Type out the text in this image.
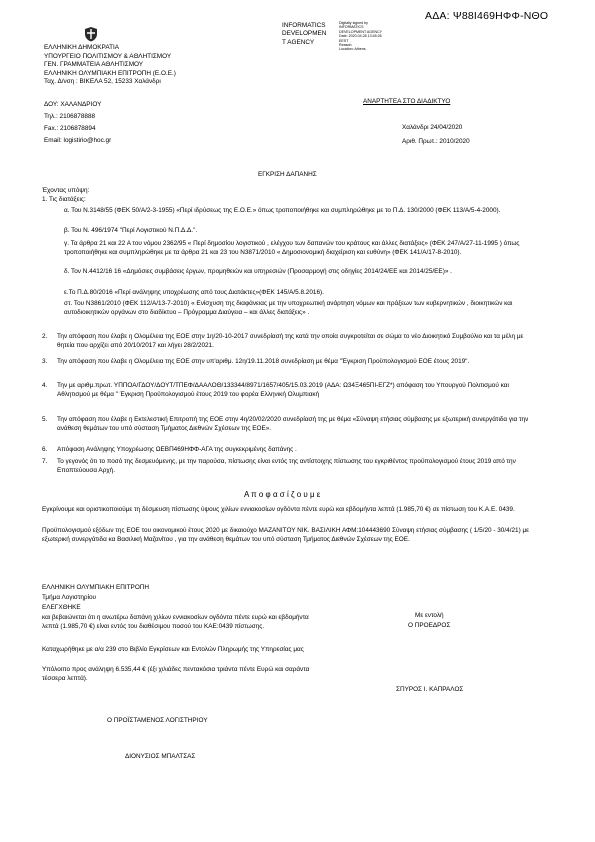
ΑΔΑ: Ψ88Ι469ΗΦΦ-ΝΘΟ
INFORMATICS
DEVELOPMEN
T AGENCY
Digitally signed by
INFORMATICS
DEVELOPMENT AGENCY
Date: 2020.04.28 13:45:26
EEST
Reason:
Location: Athens
ΕΛΛΗΝΙΚΗ ΔΗΜΟΚΡΑΤΙΑ
ΥΠΟΥΡΓΕΙΟ ΠΟΛΙΤΙΣΜΟΥ & ΑΘΛΗΤΙΣΜΟΥ
ΓΕΝ. ΓΡΑΜΜΑΤΕΙΑ ΑΘΛΗΤΙΣΜΟΥ
ΕΛΛΗΝΙΚΗ ΟΛΥΜΠΙΑΚΗ ΕΠΙΤΡΟΠΗ (Ε.Ο.Ε.)
Ταχ. Δ/νση : ΒΙΚΕΛΑ 52, 15233 Χαλάνδρι
ΔΟΥ: ΧΑΛΑΝΔΡΙΟΥ
Τηλ.: 2106878888
Fax.: 2106878894
Email: logistirio@hoc.gr
ΑΝΑΡΤΗΤΕΑ ΣΤΟ ΔΙΑΔΙΚΤΥΟ
Χαλάνδρι 24/04/2020
Αριθ. Πρωτ.: 2010/2020
ΕΓΚΡΙΣΗ ΔΑΠΑΝΗΣ
Έχοντας υπόψη:
1. Τις διατάξεις:
α. Του Ν.3148/55 (ΦΕΚ 50/Α/2-3-1955) «Περί ιδρύσεως της Ε.Ο.Ε.» όπως τροποποιήθηκε και συμπληρώθηκε με το Π.Δ. 130/2000 (ΦΕΚ 113/Α/5-4-2000).
β. Του Ν. 496/1974 "Περί Λογιστικού Ν.Π.Δ.Δ.".
γ. Τα άρθρα 21 και 22 Α του νόμου 2362/95 « Περί δημοσίου λογιστικού , ελέγχου των δαπανών του κράτους και άλλες διατάξεις» (ΦΕΚ 247/Α/27-11-1995 ) όπως τροποποιήθηκε και συμπληρώθηκε με τα άρθρα 21 και 23 του Ν3871/2010 « Δημοσιονομική διαχείριση και ευθύνη» (ΦΕΚ 141/Α/17-8-2010).
δ. Τον Ν.4412/16 16 «Δημόσιες συμβάσεις έργων, προμηθειών και υπηρεσιών (Προσαρμογή στις οδηγίες 2014/24/ΕΕ και 2014/25/ΕΕ)» .
ε.Το Π.Δ.80/2016 «Περί ανάληψης υποχρέωσης από τους Διατάκτες»(ΦΕΚ 145/Α/5.8.2016).
στ. Του Ν3861/2010 (ΦΕΚ 112/Α/13-7-2010) « Ενίσχυση της διαφάνειας με την υποχρεωτική ανάρτηση νόμων και πράξεων των κυβερνητικών , διοικητικών και αυτοδιοικητικών οργάνων στο διαδίκτυο – Πρόγραμμα Διαύγεια – και άλλες διατάξεις» .
2. Την απόφαση που έλαβε η Ολομέλεια της ΕΟΕ στην 1η/20-10-2017 συνεδρίασή της κατά την οποία συγκροτείται σε σώμα το νέο Διοικητικό Συμβούλιο και τα μέλη με θητεία που αρχίζει από 20/10/2017 και λήγει 28/2/2021.
3. Την απόφαση που έλαβε η Ολομέλεια της ΕΟΕ στην υπ'αριθμ. 12η/19.11.2018 συνεδρίαση με θέμα "Έγκριση Προϋπολογισμού ΕΟΕ έτους 2019".
4. Την με αριθμ.πρωτ. ΥΠΠΟΑ/ΓΔΟΥ/ΔΟΥΤ/ΤΠΕΦ/ΔΑΑΛΟΘ/133344/8971/1657/405/15.03.2019 (ΑΔΑ: Ω34Ξ465ΠΙ-ΕΓΖ*) απόφαση του Υπουργού Πολιτισμού και Αθλητισμού με θέμα " Έγκριση Προϋπολογισμού έτους 2019 του φορέα Ελληνική Ολυμπιακή
5. Την απόφαση που έλαβε η Εκτελεστική Επιτροπή της ΕΟΕ στην 4η/20/02/2020 συνεδρίασή της με θέμα «Σύναψη ετήσιας σύμβασης με εξωτερική συνεργάτιδα για την ανάθεση θεμάτων του υπό σύσταση Τμήματος Διεθνών Σχέσεων της ΕΟΕ».
6. Απόφαση Ανάληψης Υποχρέωσης ΩΕΒΠ469ΗΦΦ-ΑΓΑ της συγκεκριμένης δαπάνης .
7. Το γεγονός ότι το ποσό της δεσμευόμενης, με την παρούσα, πίστωσης είναι εντός της αντίστοιχης πίστωσης του εγκριθέντος προϋπολογισμού έτους 2019 από την Εποπτεύουσα Αρχή.
Α π ο φ α σ ί ζ ο υ μ ε
Εγκρίνουμε και οριστικοποιούμε τη δέσμευση πίστωσης ύψους χιλίων εννιακοσίων ογδόντα πέντε ευρώ και εβδομήντα λεπτά (1.985,70 €) σε πίστωση του Κ.Α.Ε. 0439.
Προϋπολογισμού εξόδων της ΕΟΕ του οικονομικού έτους 2020 με δικαιούχο ΜΑΖΑΝΙΤΟΥ ΝΙΚ. ΒΑΣΙΛΙΚΗ ΑΦΜ:104443690 Σύναψη ετήσιας σύμβασης ( 1/5/20 - 30/4/21) με εξωτερική συνεργάτιδα κα Βασιλική Μαζανίτου , για την ανάθεση θεμάτων του υπό σύσταση Τμήματος Διεθνών Σχέσεων της ΕΟΕ.
ΕΛΛΗΝΙΚΗ ΟΛΥΜΠΙΑΚΗ ΕΠΙΤΡΟΠΗ
Τμήμα Λογιστηρίου
ΕΛΕΓΧΘΗΚΕ
και βεβαιώνεται ότι η ανωτέρω δαπάνη χιλίων εννιακοσίων ογδόντα πέντε ευρώ και εβδομήντα λεπτά (1.985,70 €) είναι εντός του διαθέσιμου ποσού του ΚΑΕ:0439 πίστωσης.
Καταχωρήθηκε με α/α 239 στο Βιβλίο Εγκρίσεων και Εντολών Πληρωμής της Υπηρεσίας μας
Υπόλοιπο προς ανάληψη 6.535,44 € (έξι χιλιάδες πεντακόσια τριάντα πέντε Ευρώ και σαράντα τέσσερα λεπτά).
Με εντολή
Ο ΠΡΟΕΔΡΟΣ
ΣΠΥΡΟΣ Ι. ΚΑΠΡΑΛΟΣ
Ο ΠΡΟΪΣΤΑΜΕΝΟΣ ΛΟΓΙΣΤΗΡΙΟΥ
ΔΙΟΝΥΣΙΟΣ ΜΠΑΛΤΣΑΣ
